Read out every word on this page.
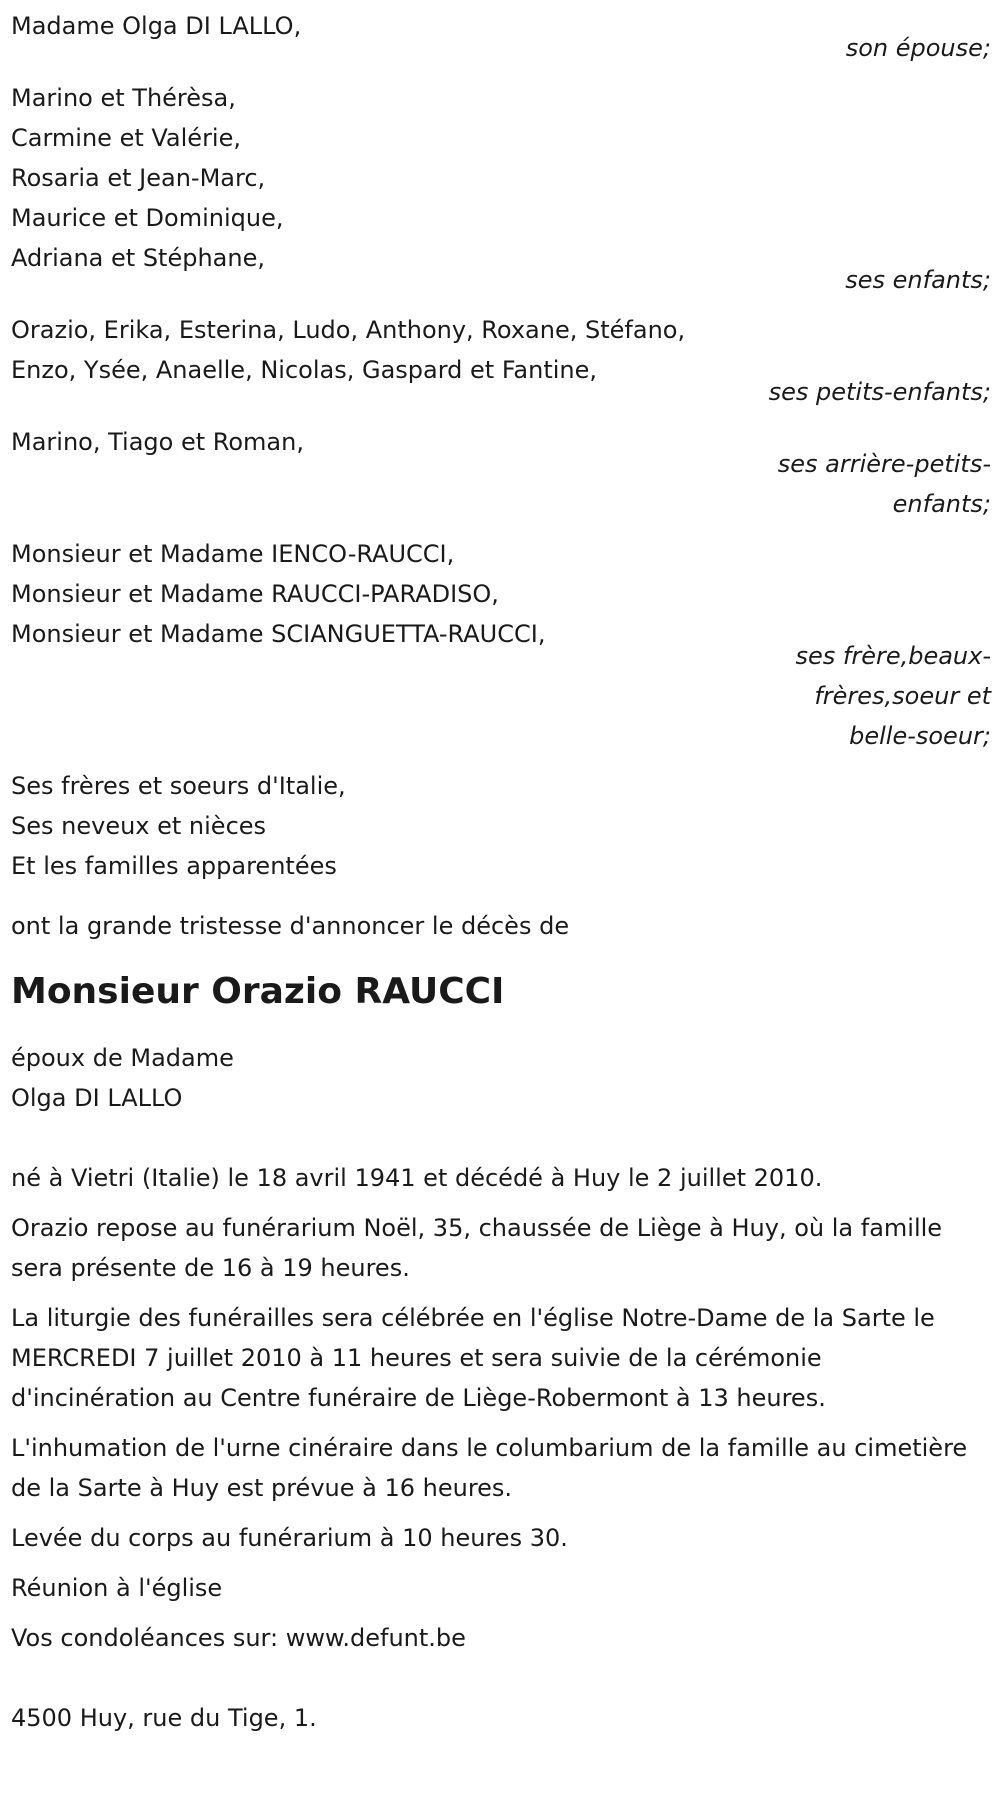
Madame Olga DI LALLO,
son épouse;
Marino et Thérèsa,
Carmine et Valérie,
Rosaria et Jean-Marc,
Maurice et Dominique,
Adriana et Stéphane,
ses enfants;
Orazio, Erika, Esterina, Ludo, Anthony, Roxane, Stéfano,
Enzo, Ysée, Anaelle, Nicolas, Gaspard et Fantine,
ses petits-enfants;
Marino, Tiago et Roman,
ses arrière-petits-
enfants;
Monsieur et Madame IENCO-RAUCCI,
Monsieur et Madame RAUCCI-PARADISO,
Monsieur et Madame SCIANGUETTA-RAUCCI,
ses frère,beaux-
frères,soeur et
belle-soeur;
Ses frères et soeurs d'Italie,
Ses neveux et nièces
Et les familles apparentées
ont la grande tristesse d'annoncer le décès de
Monsieur Orazio RAUCCI
époux de Madame
Olga DI LALLO

né à Vietri (Italie) le 18 avril 1941 et décédé à Huy le 2 juillet 2010.

Orazio repose au funérarium Noël, 35, chaussée de Liège à Huy, où la famille sera présente de 16 à 19 heures.

La liturgie des funérailles sera célébrée en l'église Notre-Dame de la Sarte le MERCREDI 7 juillet 2010 à 11 heures et sera suivie de la cérémonie d'incinération au Centre funéraire de Liège-Robermont à 13 heures.

L'inhumation de l'urne cinéraire dans le columbarium de la famille au cimetière de la Sarte à Huy est prévue à 16 heures.

Levée du corps au funérarium à 10 heures 30.

Réunion à l'église

Vos condoléances sur: www.defunt.be

4500 Huy, rue du Tige, 1.
